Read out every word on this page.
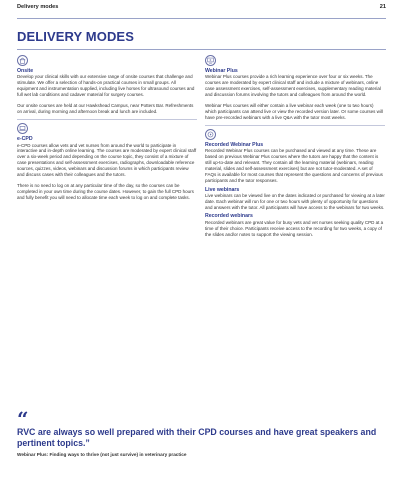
Delivery modes	21
DELIVERY MODES
Onsite

Develop your clinical skills with our extensive range of onsite courses that challenge and stimulate. We offer a selection of hands-on practical courses in small groups. All equipment and instrumentation supplied, including live horses for ultrasound courses and full wet lab conditions and cadaver material for surgery courses.

Our onsite courses are held at our Hawkshead Campus, near Potters Bar. Refreshments on arrival, during morning and afternoon break and lunch are included.

e-CPD

e-CPD courses allow vets and vet nurses from around the world to participate in interactive and in-depth online learning. The courses are moderated by expert clinical staff over a six-week period and depending on the course topic, they consist of a mixture of case presentations and self-assessment exercises, radiographs, downloadable reference sources, quizzes, videos, webinars and discussion forums in which participants review and discuss cases with their colleagues and the tutors.

There is no need to log on at any particular time of the day, so the courses can be completed in your own time during the course dates. However, to gain the full CPD hours and fully benefit you will need to allocate time each week to log on and complete tasks.

Webinar Plus

Webinar Plus courses provide a rich learning experience over four or six weeks. The courses are moderated by expert clinical staff and include a mixture of webinars, online case assessment exercises, self-assessment exercises, supplementary reading material and discussion forums involving the tutors and colleagues from around the world.

Webinar Plus courses will either contain a live webinar each week (one to two hours) which participants can attend live or view the recorded version later. Or some courses will have pre-recorded webinars with a live Q&A with the tutor most weeks.

Recorded Webinar Plus

Recorded Webinar Plus courses can be purchased and viewed at any time. These are based on previous Webinar Plus courses where the tutors are happy that the content is still up-to-date and relevant. They contain all the learning material (webinars, reading material, slides and self-assessment exercises) but are not tutor-moderated. A set of FAQs is available for most courses that represent the questions and concerns of previous participants and the tutor responses.

Live webinars

Live webinars can be viewed live on the dates indicated or purchased for viewing at a later date. Each webinar will run for one or two hours with plenty of opportunity for questions and answers with the tutor. All participants will have access to the webinars for two weeks.

Recorded webinars

Recorded webinars are great value for busy vets and vet nurses seeking quality CPD at a time of their choice. Participants receive access to the recording for two weeks, a copy of the slides and/or notes to support the viewing session.

“

RVC are always so well prepared with their CPD courses and have great speakers and pertinent topics.”

Webinar Plus: Finding ways to thrive (not just survive) in veterinary practice
